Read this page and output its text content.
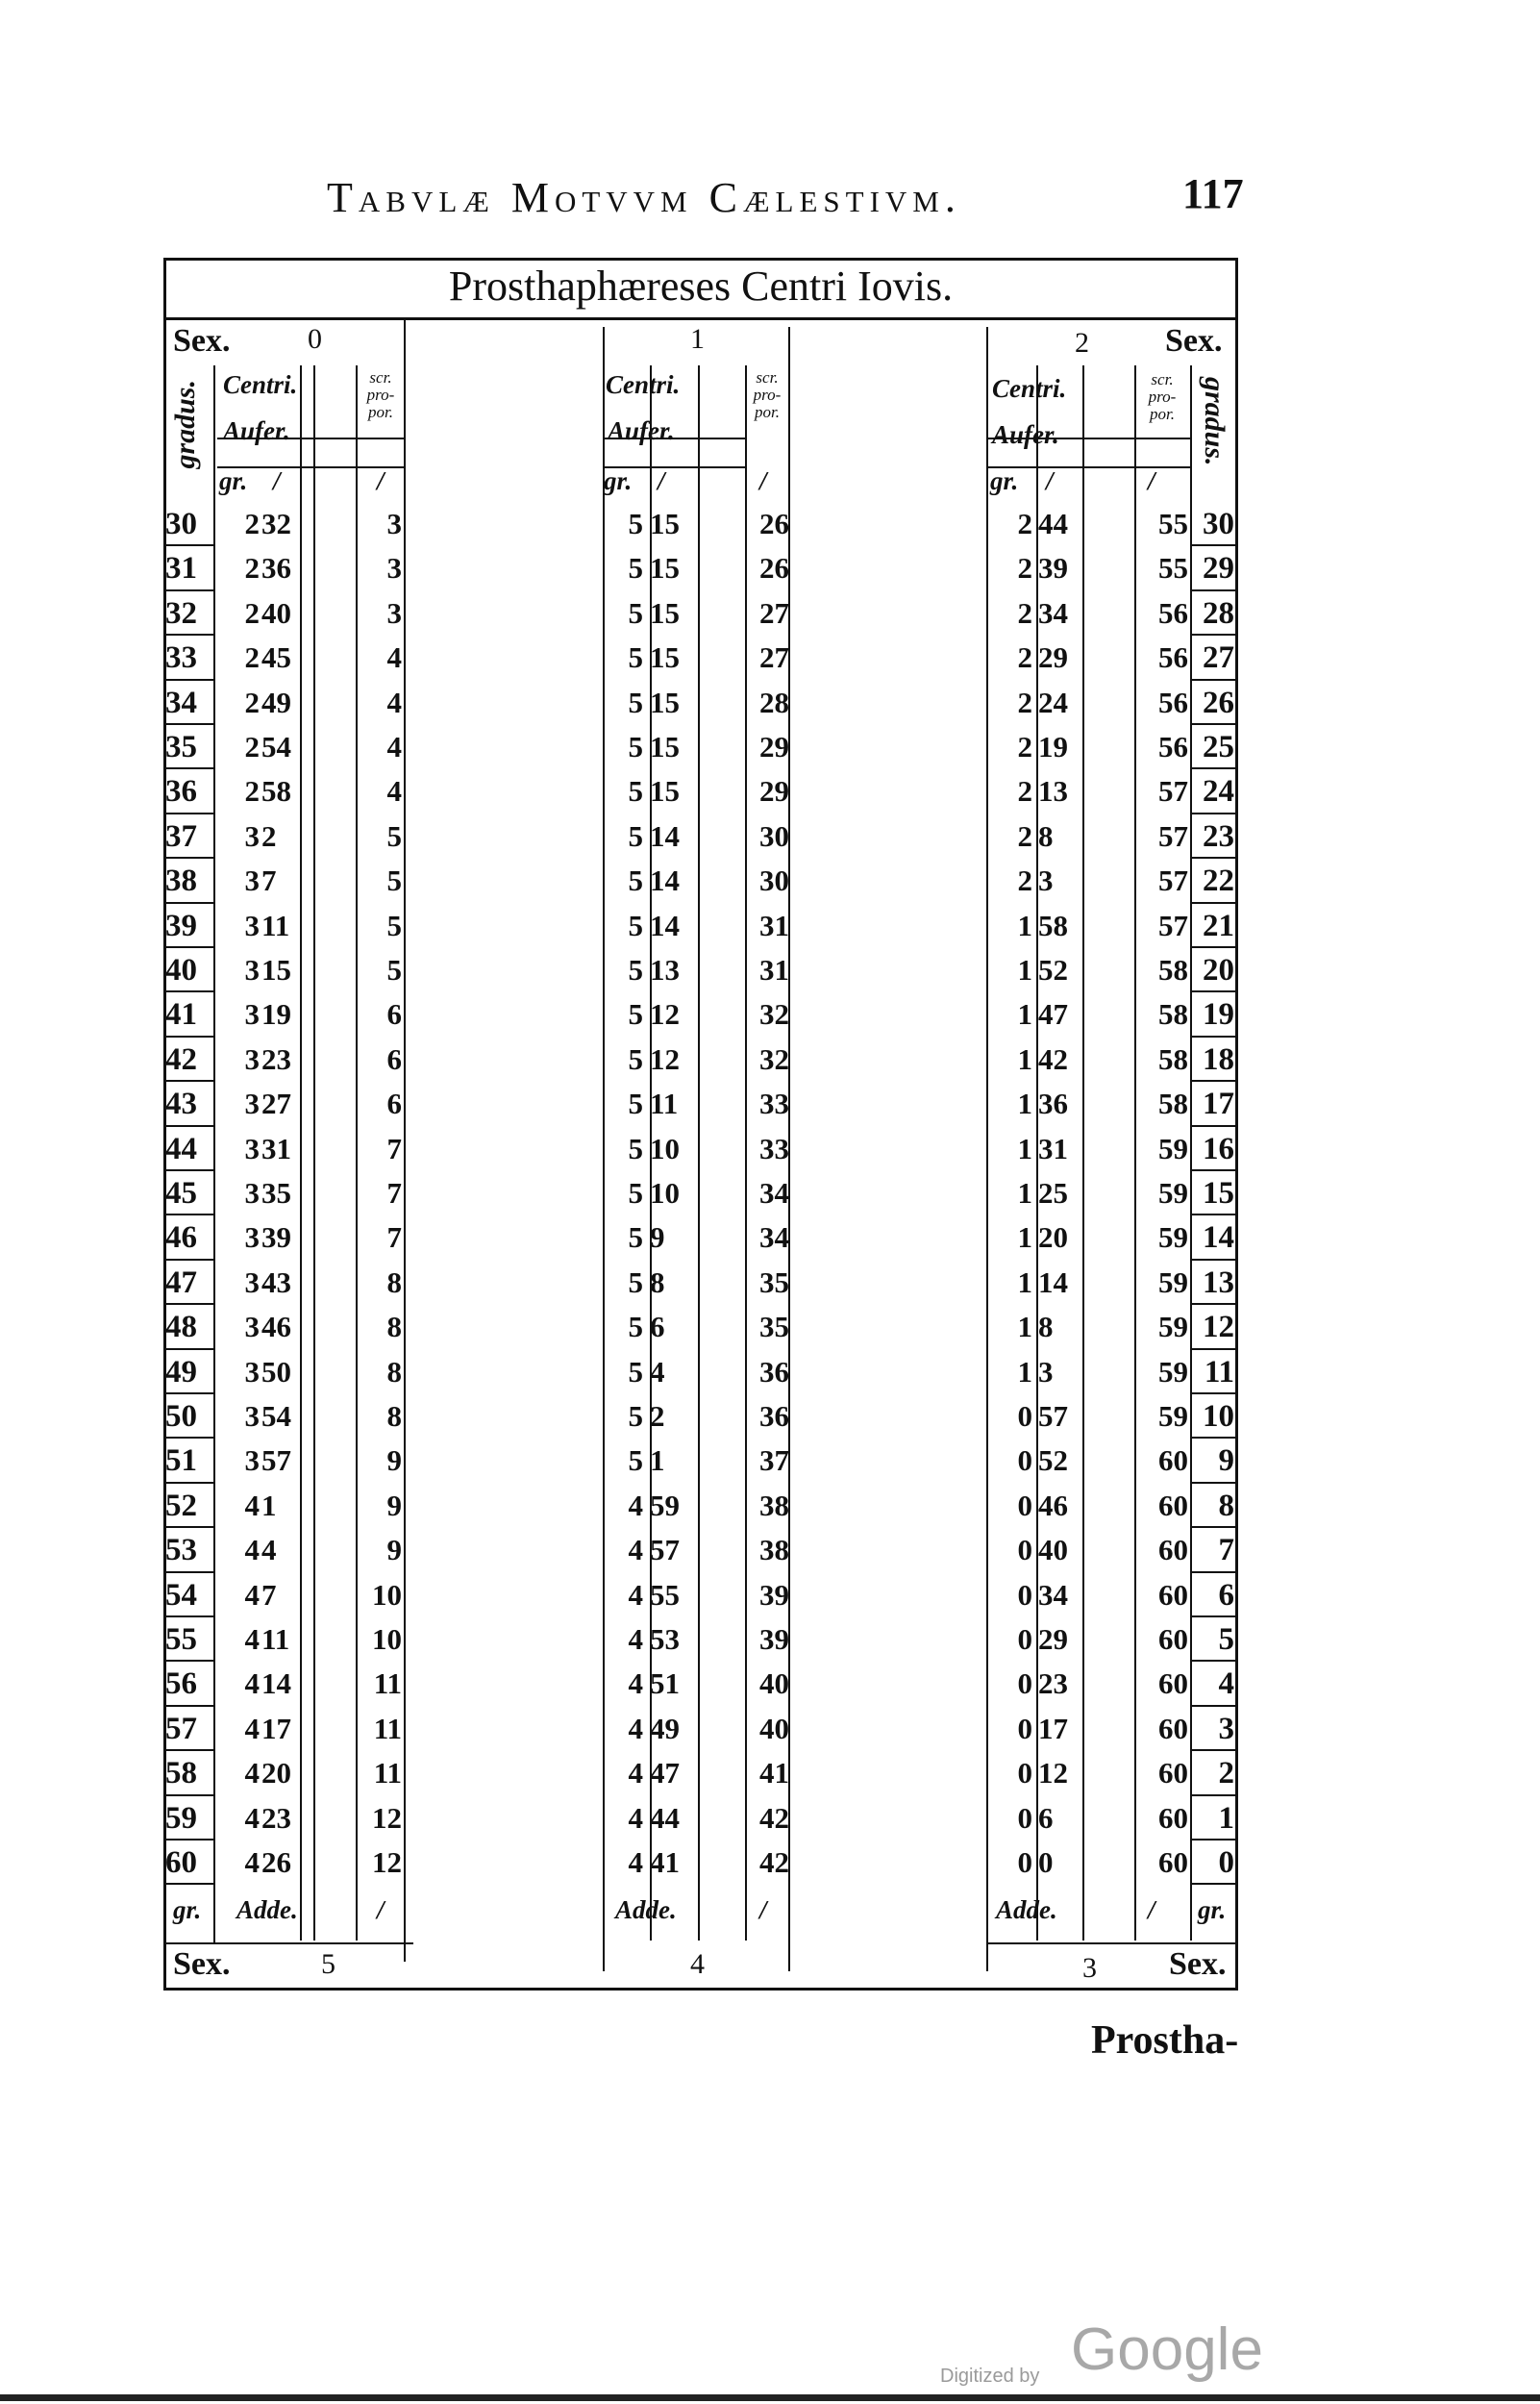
Tabvlæ Motvvm Cælestivm.	117
Prosthaphæreses Centri Iovis.
Sex.	0
gradus. Centri.
Aufer.
gr. /
scr.
pro-
por.
/
gr. Adde.	/
Sex.	5
1
Centri.
Aufer.
gr. /
scr.
pro-
por.
/
Adde.	/
4
2 Sex.
gradus.
Centri.
Aufer.
gr. /
scr.
pro-
por.
/
Adde.	/ gr.
3 Sex.
30	2 32	3	5 15	26	2 44	55 30
31	2 36	3	5 15	26	2 39	55 29
32	2 40	3	5 15	27	2 34	56 28
33	2 45	4	5 15	27	2 29	56 27
34	2 49	4	5 15	28	2 24	56 26
35	2 54	4	5 15	29	2 19	56 25
36	2 58	4	5 15	29	2 13	57 24
37	3 2	5	5 14	30	2 8	57 23
38	3 7	5	5 14	30	2 3	57 22
39	3 11	5	5 14	31	1 58	57 21
40	3 15	5	5 13	31	1 52	58 20
41	3 19	6	5 12	32	1 47	58 19
42	3 23	6	5 12	32	1 42	58 18
43	3 27	6	5 11	33	1 36	58 17
44	3 31	7	5 10	33	1 31	59 16
45	3 35	7	5 10	34	1 25	59 15
46	3 39	7	5 9	34	1 20	59 14
47	3 43	8	5 8	35	1 14	59 13
48	3 46	8	5 6	35	1 8	59 12
49	3 50	8	5 4	36	1 3	59 11
50	3 54	8	5 2	36	0 57	59 10
51	3 57	9	5 1	37	0 52	60 9
52	4 1	9	4 59	38	0 46	60 8
53	4 4	9	4 57	38	0 40	60 7
54	4 7	10	4 55	39	0 34	60 6
55	4 11	10	4 53	39	0 29	60 5
56	4 14	11	4 51	40	0 23	60 4
57	4 17	11	4 49	40	0 17	60 3
58	4 20	11	4 47	41	0 12	60 2
59	4 23	12	4 44	42	0 6	60 1
60	4 26	12	4 41	42	0 0	60 0
Prostha-
Digitized by Google
